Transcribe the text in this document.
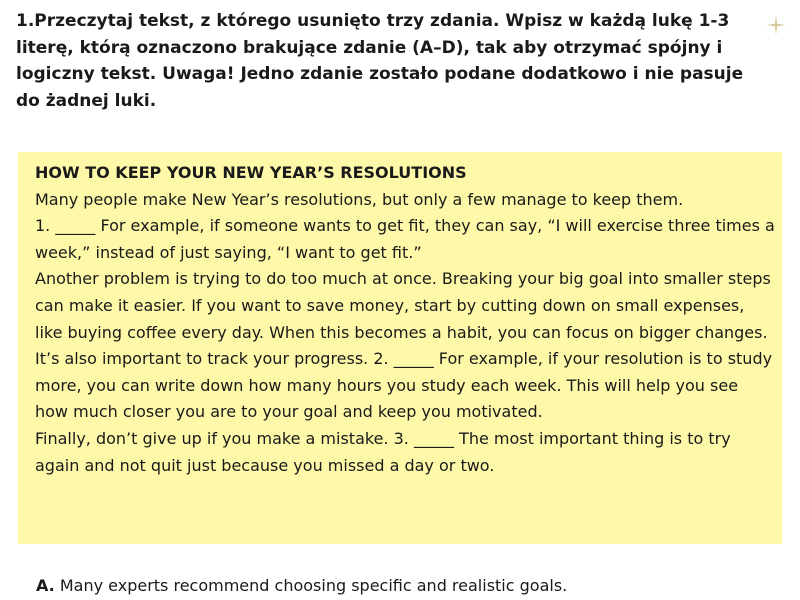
1.Przeczytaj tekst, z którego usunięto trzy zdania. Wpisz w każdą lukę 1-3 literę, którą oznaczono brakujące zdanie (A–D), tak aby otrzymać spójny i logiczny tekst. Uwaga! Jedno zdanie zostało podane dodatkowo i nie pasuje do żadnej luki.
HOW TO KEEP YOUR NEW YEAR’S RESOLUTIONS
Many people make New Year’s resolutions, but only a few manage to keep them.
1. _____ For example, if someone wants to get fit, they can say, “I will exercise three times a week,” instead of just saying, “I want to get fit.”
Another problem is trying to do too much at once. Breaking your big goal into smaller steps can make it easier. If you want to save money, start by cutting down on small expenses, like buying coffee every day. When this becomes a habit, you can focus on bigger changes.
It’s also important to track your progress. 2. _____ For example, if your resolution is to study more, you can write down how many hours you study each week. This will help you see how much closer you are to your goal and keep you motivated.
Finally, don’t give up if you make a mistake. 3. _____ The most important thing is to try again and not quit just because you missed a day or two.
A. Many experts recommend choosing specific and realistic goals.
